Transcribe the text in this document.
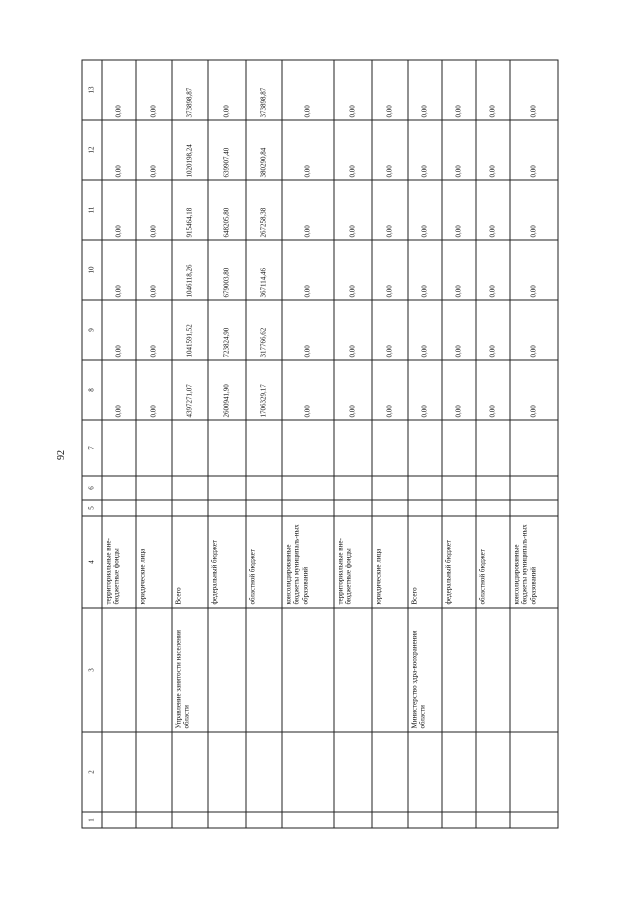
92
1	2	3	4	5	6	7	8	9	10	11	12	13
			территориальные вне-бюджетные фонды				0,00	0,00	0,00	0,00	0,00	0,00
			юридические лица				0,00	0,00	0,00	0,00	0,00	0,00
		Управление занятости населения области	Всего				4397271,07	1041591,52	1046118,26	915464,18	1020198,24	373898,87
			федеральный бюджет				2600941,90	723824,90	679003,80	648205,80	639907,40	0,00
			областной бюджет				1706329,17	317766,62	367114,46	267258,38	380290,84	373898,87
			консолидированные бюджеты муниципаль-ных образований				0,00	0,00	0,00	0,00	0,00	0,00
			территориальные вне-бюджетные фонды				0,00	0,00	0,00	0,00	0,00	0,00
			юридические лица				0,00	0,00	0,00	0,00	0,00	0,00
		Министерство здра-воохранения области	Всего				0,00	0,00	0,00	0,00	0,00	0,00
			федеральный бюджет				0,00	0,00	0,00	0,00	0,00	0,00
			областной бюджет				0,00	0,00	0,00	0,00	0,00	0,00
			консолидированные бюджеты муниципаль-ных образований				0,00	0,00	0,00	0,00	0,00	0,00
